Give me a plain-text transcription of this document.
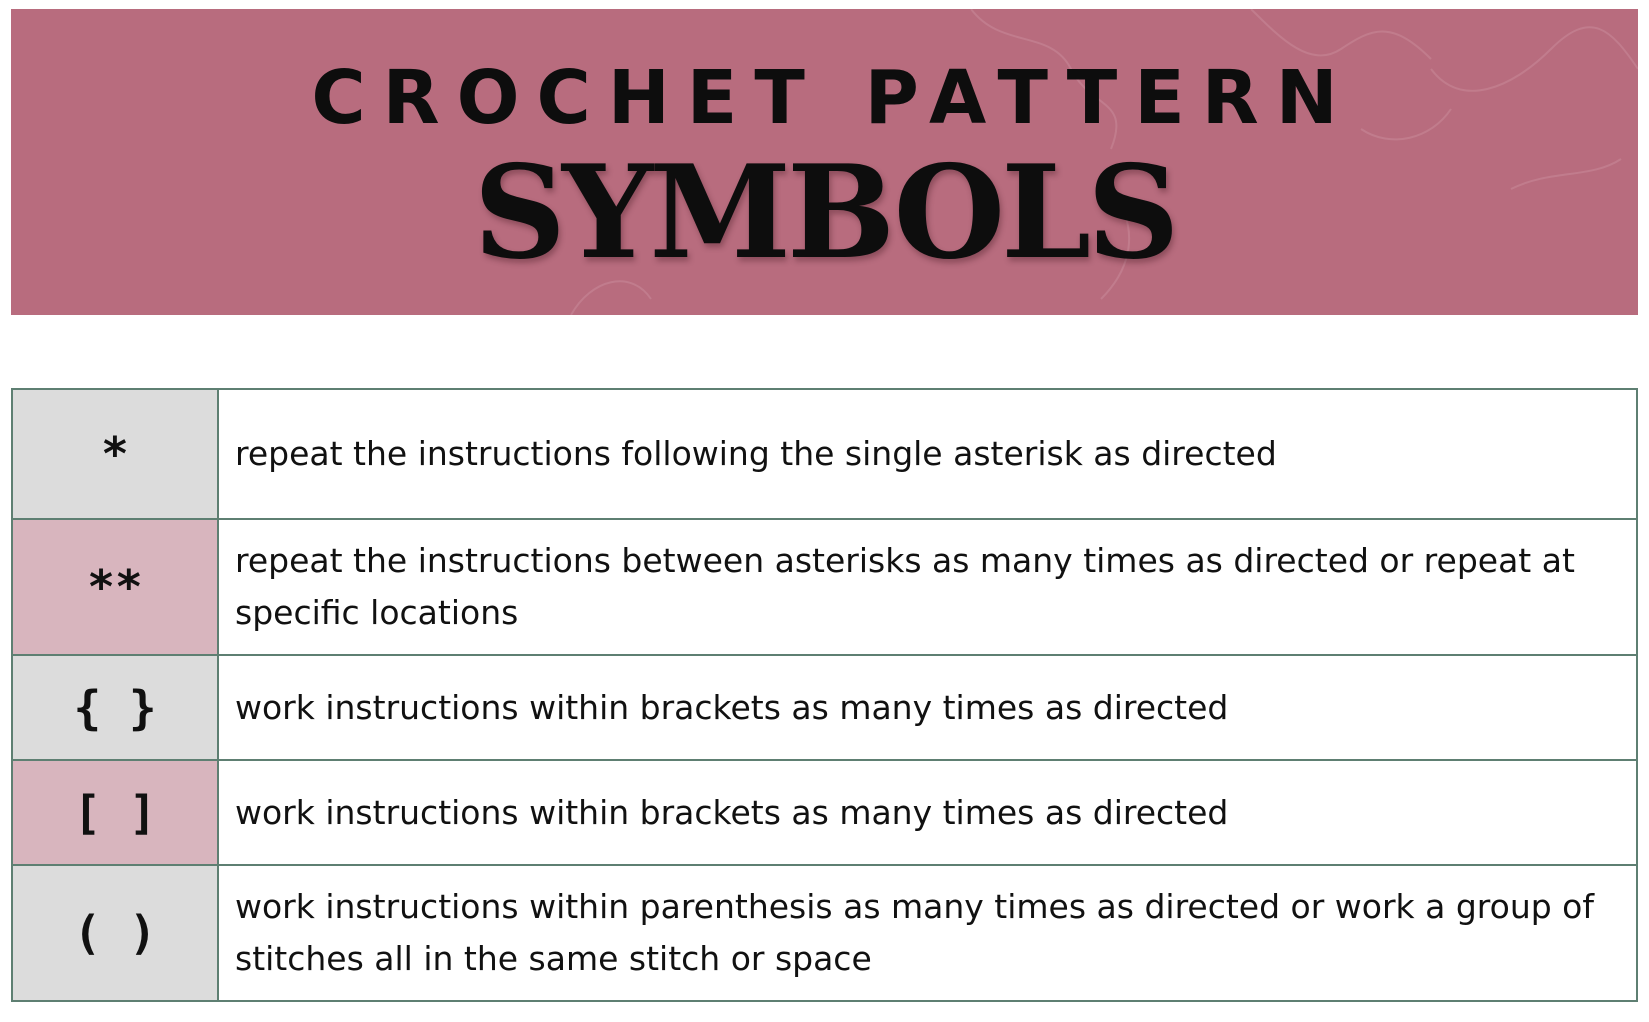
CROCHET PATTERN
SYMBOLS
*	repeat the instructions following the single asterisk as directed
**	repeat the instructions between asterisks as many times as directed or repeat at specific locations
{ }	work instructions within brackets as many times as directed
[ ]	work instructions within brackets as many times as directed
( )	work instructions within parenthesis as many times as directed or work a group of stitches all in the same stitch or space
